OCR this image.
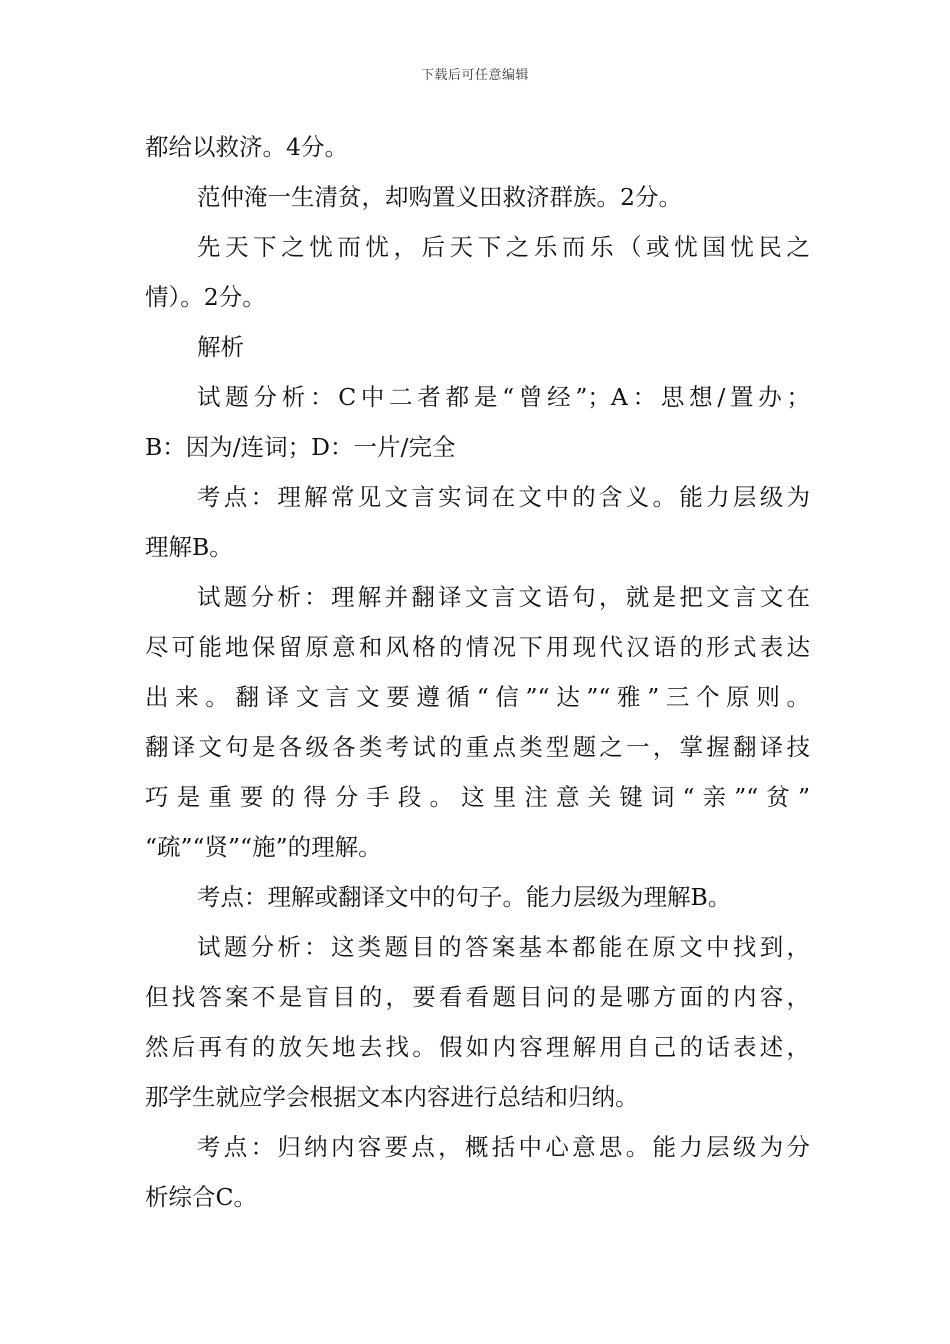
下载后可任意编辑
都给以救济。4分。
范仲淹一生清贫，却购置义田救济群族。2分。
先天下之忧而忧，后天下之乐而乐（或忧国忧民之
情）。2分。
解析
试题分析：C中二者都是“曾经”；A：思想/置办；
B：因为/连词；D：一片/完全
考点：理解常见文言实词在文中的含义。能力层级为
理解B。
试题分析：理解并翻译文言文语句，就是把文言文在
尽可能地保留原意和风格的情况下用现代汉语的形式表达
出来。翻译文言文要遵循“信”“达”“雅”三个原则。
翻译文句是各级各类考试的重点类型题之一，掌握翻译技
巧是重要的得分手段。这里注意关键词“亲”“贫”
“疏”“贤”“施”的理解。
考点：理解或翻译文中的句子。能力层级为理解B。
试题分析：这类题目的答案基本都能在原文中找到，
但找答案不是盲目的，要看看题目问的是哪方面的内容，
然后再有的放矢地去找。假如内容理解用自己的话表述，
那学生就应学会根据文本内容进行总结和归纳。
考点：归纳内容要点，概括中心意思。能力层级为分
析综合C。
